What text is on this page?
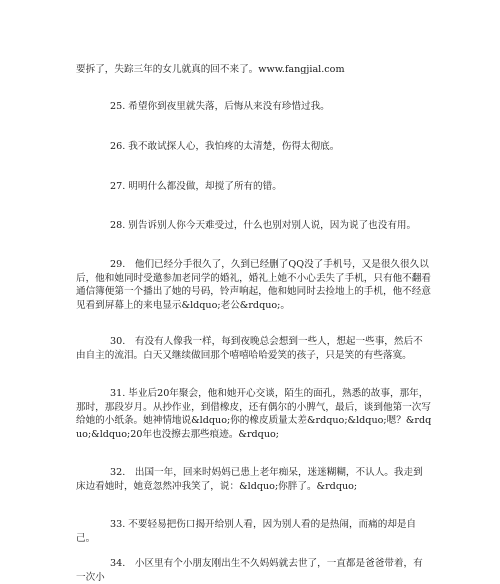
要拆了，失踪三年的女儿就真的回不来了。www.fangjial.com

25. 希望你到夜里就失落，后悔从来没有珍惜过我。

26. 我不敢试探人心，我怕疼的太清楚，伤得太彻底。

27. 明明什么都没做，却搅了所有的错。

28. 别告诉别人你今天难受过，什么也别对别人说，因为说了也没有用。

29.　他们已经分手很久了，久到已经删了QQ没了手机号，又是很久很久以后，他和她同时受邀参加老同学的婚礼，婚礼上她不小心丢失了手机，只有他不翻看通信簿便第一个播出了她的号码，铃声响起，他和她同时去捡地上的手机，他不经意见看到屏幕上的来电显示&ldquo;老公&rdquo;。

30.　有没有人像我一样，每到夜晚总会想到一些人，想起一些事，然后不由自主的流泪。白天又继续做回那个嘻嘻哈哈爱笑的孩子，只是笑的有些落寞。

31. 毕业后20年聚会，他和她开心交谈，陌生的面孔，熟悉的故事，那年，那时，那段岁月。从抄作业，到借橡皮，还有偶尔的小脾气，最后，谈到他第一次写给她的小纸条。她神情地说&ldquo;你的橡皮质量太差&rdquo;&ldquo;嗯？&rdquo;&ldquo;20年也没擦去那些痕迹。&rdquo;

32.　出国一年，回来时妈妈已患上老年痴呆，迷迷糊糊，不认人。我走到床边看她时，她竟忽然冲我笑了，说：&ldquo;你胖了。&rdquo;

33. 不要轻易把伤口揭开给别人看，因为别人看的是热闹，而痛的却是自己。

34.　小区里有个小朋友刚出生不久妈妈就去世了，一直都是爸爸带着，有一次小
